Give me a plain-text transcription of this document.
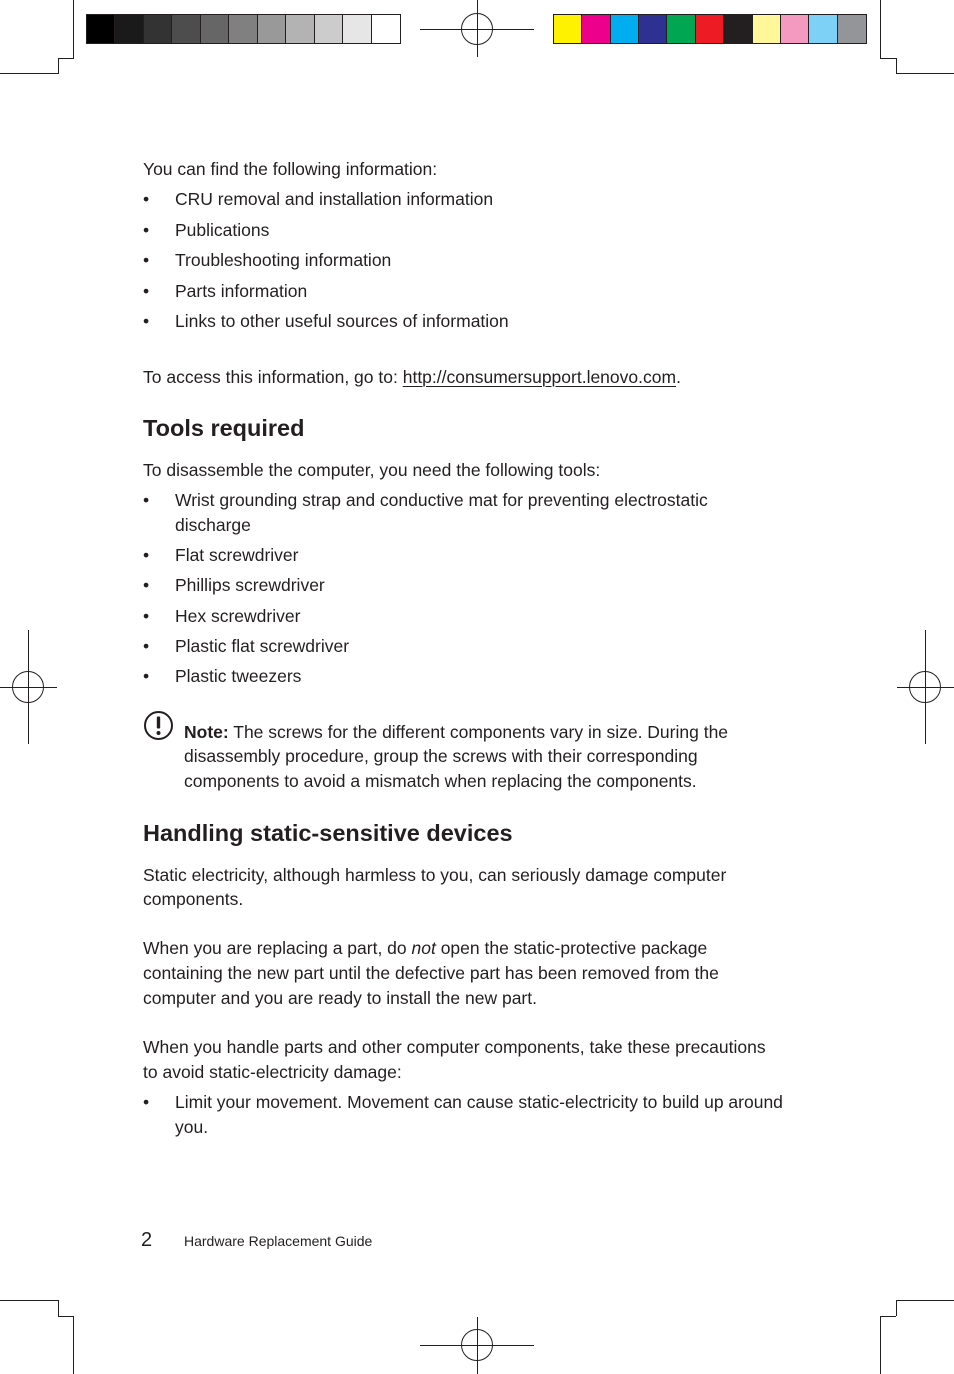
You can find the following information:
• CRU removal and installation information
• Publications
• Troubleshooting information
• Parts information
• Links to other useful sources of information
To access this information, go to: http://consumersupport.lenovo.com.
Tools required
To disassemble the computer, you need the following tools:
• Wrist grounding strap and conductive mat for preventing electrostatic
discharge
• Flat screwdriver
• Phillips screwdriver
• Hex screwdriver
• Plastic flat screwdriver
• Plastic tweezers
Note: The screws for the different components vary in size. During the
disassembly procedure, group the screws with their corresponding
components to avoid a mismatch when replacing the components.
Handling static-sensitive devices
Static electricity, although harmless to you, can seriously damage computer
components.
When you are replacing a part, do not open the static-protective package
containing the new part until the defective part has been removed from the
computer and you are ready to install the new part.
When you handle parts and other computer components, take these precautions
to avoid static-electricity damage:
• Limit your movement. Movement can cause static-electricity to build up around
you.
2 Hardware Replacement Guide
